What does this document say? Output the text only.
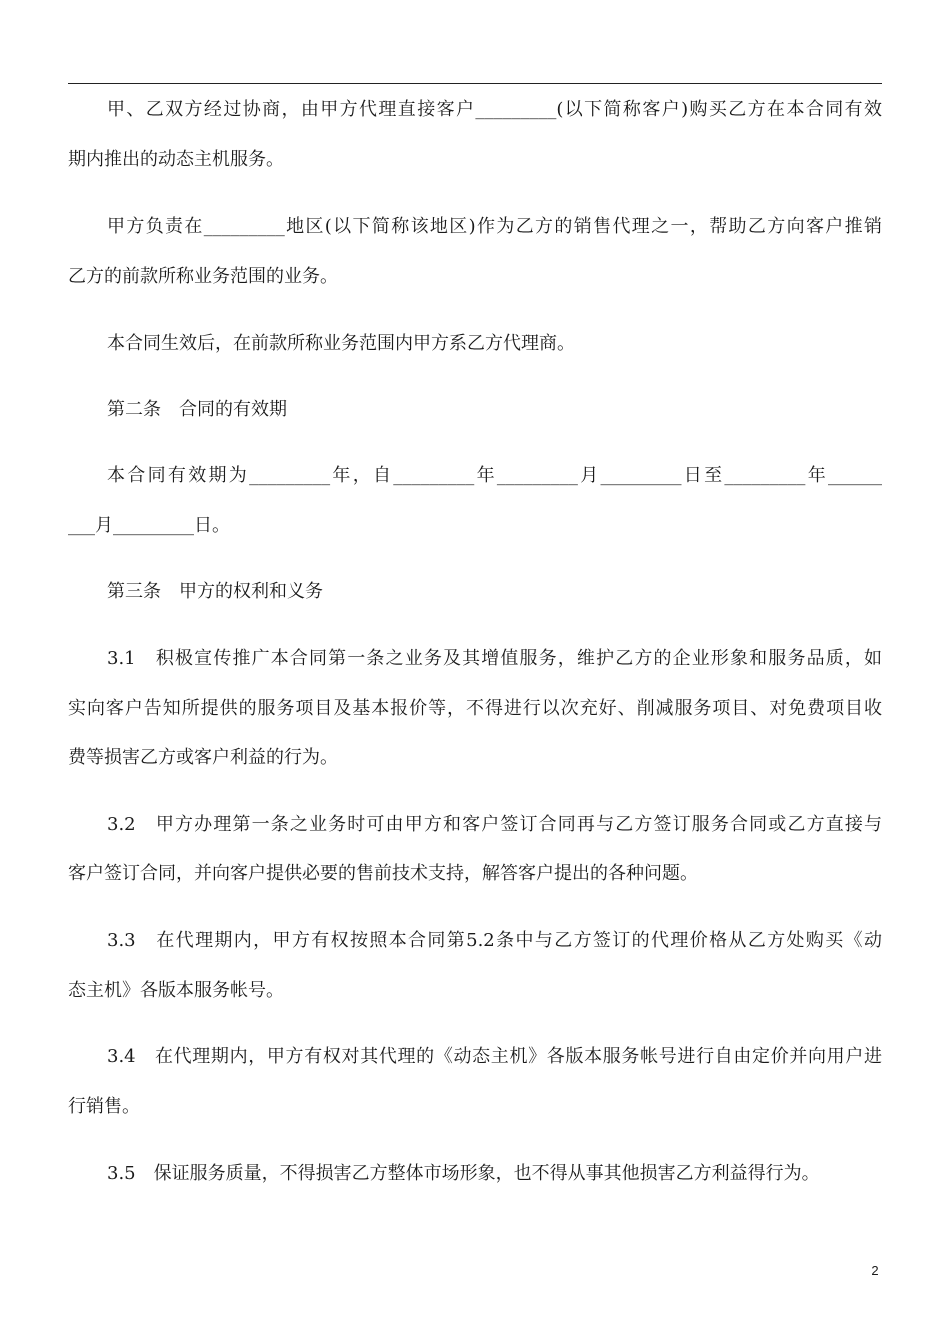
甲、乙双方经过协商，由甲方代理直接客户_________(以下简称客户)购买乙方在本合同有效
期内推出的动态主机服务。
甲方负责在_________地区(以下简称该地区)作为乙方的销售代理之一，帮助乙方向客户推销
乙方的前款所称业务范围的业务。
本合同生效后，在前款所称业务范围内甲方系乙方代理商。
第二条　合同的有效期
本合同有效期为_________年，自_________年_________月_________日至_________年______
___月_________日。
第三条　甲方的权利和义务
3.1　积极宣传推广本合同第一条之业务及其增值服务，维护乙方的企业形象和服务品质，如
实向客户告知所提供的服务项目及基本报价等，不得进行以次充好、削减服务项目、对免费项目收
费等损害乙方或客户利益的行为。
3.2　甲方办理第一条之业务时可由甲方和客户签订合同再与乙方签订服务合同或乙方直接与
客户签订合同，并向客户提供必要的售前技术支持，解答客户提出的各种问题。
3.3　在代理期内，甲方有权按照本合同第5.2条中与乙方签订的代理价格从乙方处购买《动
态主机》各版本服务帐号。
3.4　在代理期内，甲方有权对其代理的《动态主机》各版本服务帐号进行自由定价并向用户进
行销售。
3.5　保证服务质量，不得损害乙方整体市场形象，也不得从事其他损害乙方利益得行为。
2
